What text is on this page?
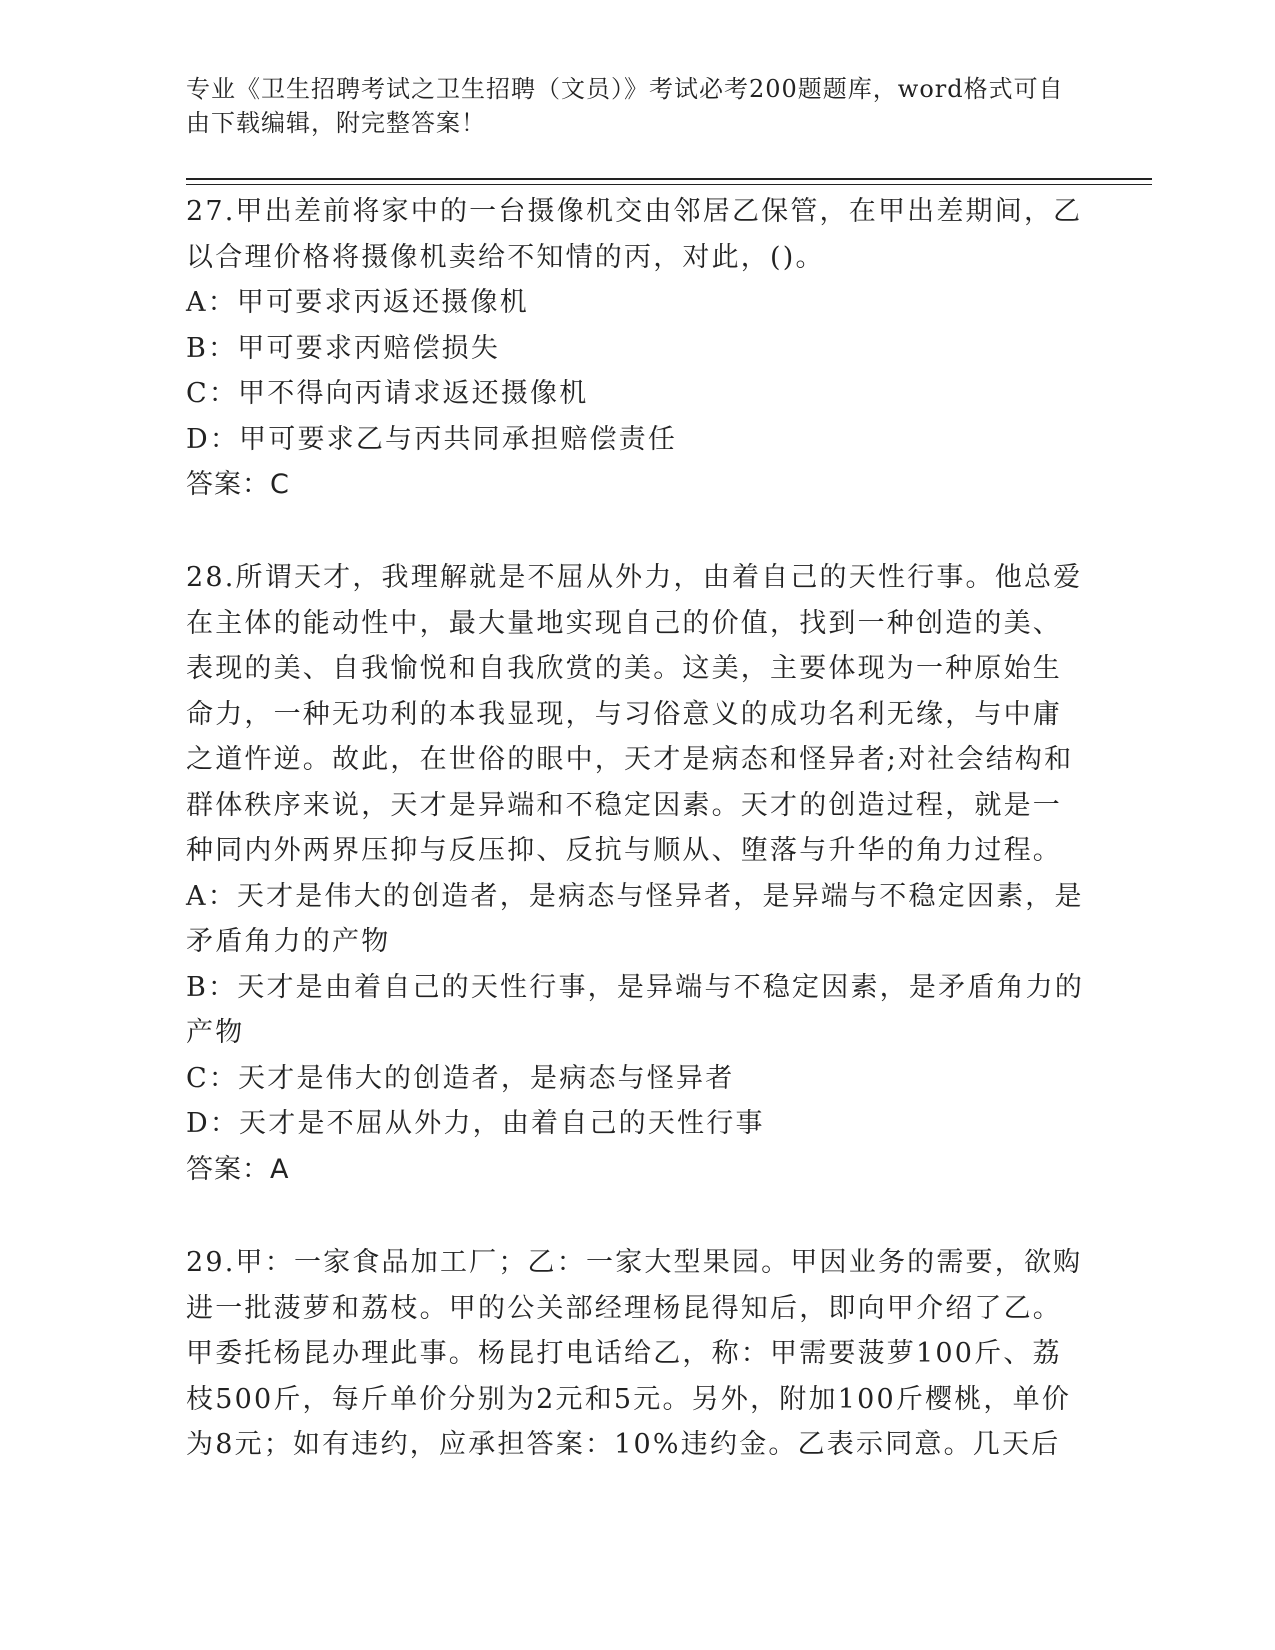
专业《卫生招聘考试之卫生招聘（文员）》考试必考200题题库，word格式可自由下载编辑，附完整答案！

27.甲出差前将家中的一台摄像机交由邻居乙保管，在甲出差期间，乙以合理价格将摄像机卖给不知情的丙，对此，()。

A：甲可要求丙返还摄像机

B：甲可要求丙赔偿损失

C：甲不得向丙请求返还摄像机

D：甲可要求乙与丙共同承担赔偿责任

答案：C

28.所谓天才，我理解就是不屈从外力，由着自己的天性行事。他总爱在主体的能动性中，最大量地实现自己的价值，找到一种创造的美、表现的美、自我愉悦和自我欣赏的美。这美，主要体现为一种原始生命力，一种无功利的本我显现，与习俗意义的成功名利无缘，与中庸之道忤逆。故此，在世俗的眼中，天才是病态和怪异者;对社会结构和群体秩序来说，天才是异端和不稳定因素。天才的创造过程，就是一种同内外两界压抑与反压抑、反抗与顺从、堕落与升华的角力过程。

A：天才是伟大的创造者，是病态与怪异者，是异端与不稳定因素，是矛盾角力的产物

B：天才是由着自己的天性行事，是异端与不稳定因素，是矛盾角力的产物

C：天才是伟大的创造者，是病态与怪异者

D：天才是不屈从外力，由着自己的天性行事

答案：A

29.甲：一家食品加工厂；乙：一家大型果园。甲因业务的需要，欲购进一批菠萝和荔枝。甲的公关部经理杨昆得知后，即向甲介绍了乙。甲委托杨昆办理此事。杨昆打电话给乙，称：甲需要菠萝100斤、荔枝500斤，每斤单价分别为2元和5元。另外，附加100斤樱桃，单价为8元；如有违约，应承担答案：10%违约金。乙表示同意。几天后
